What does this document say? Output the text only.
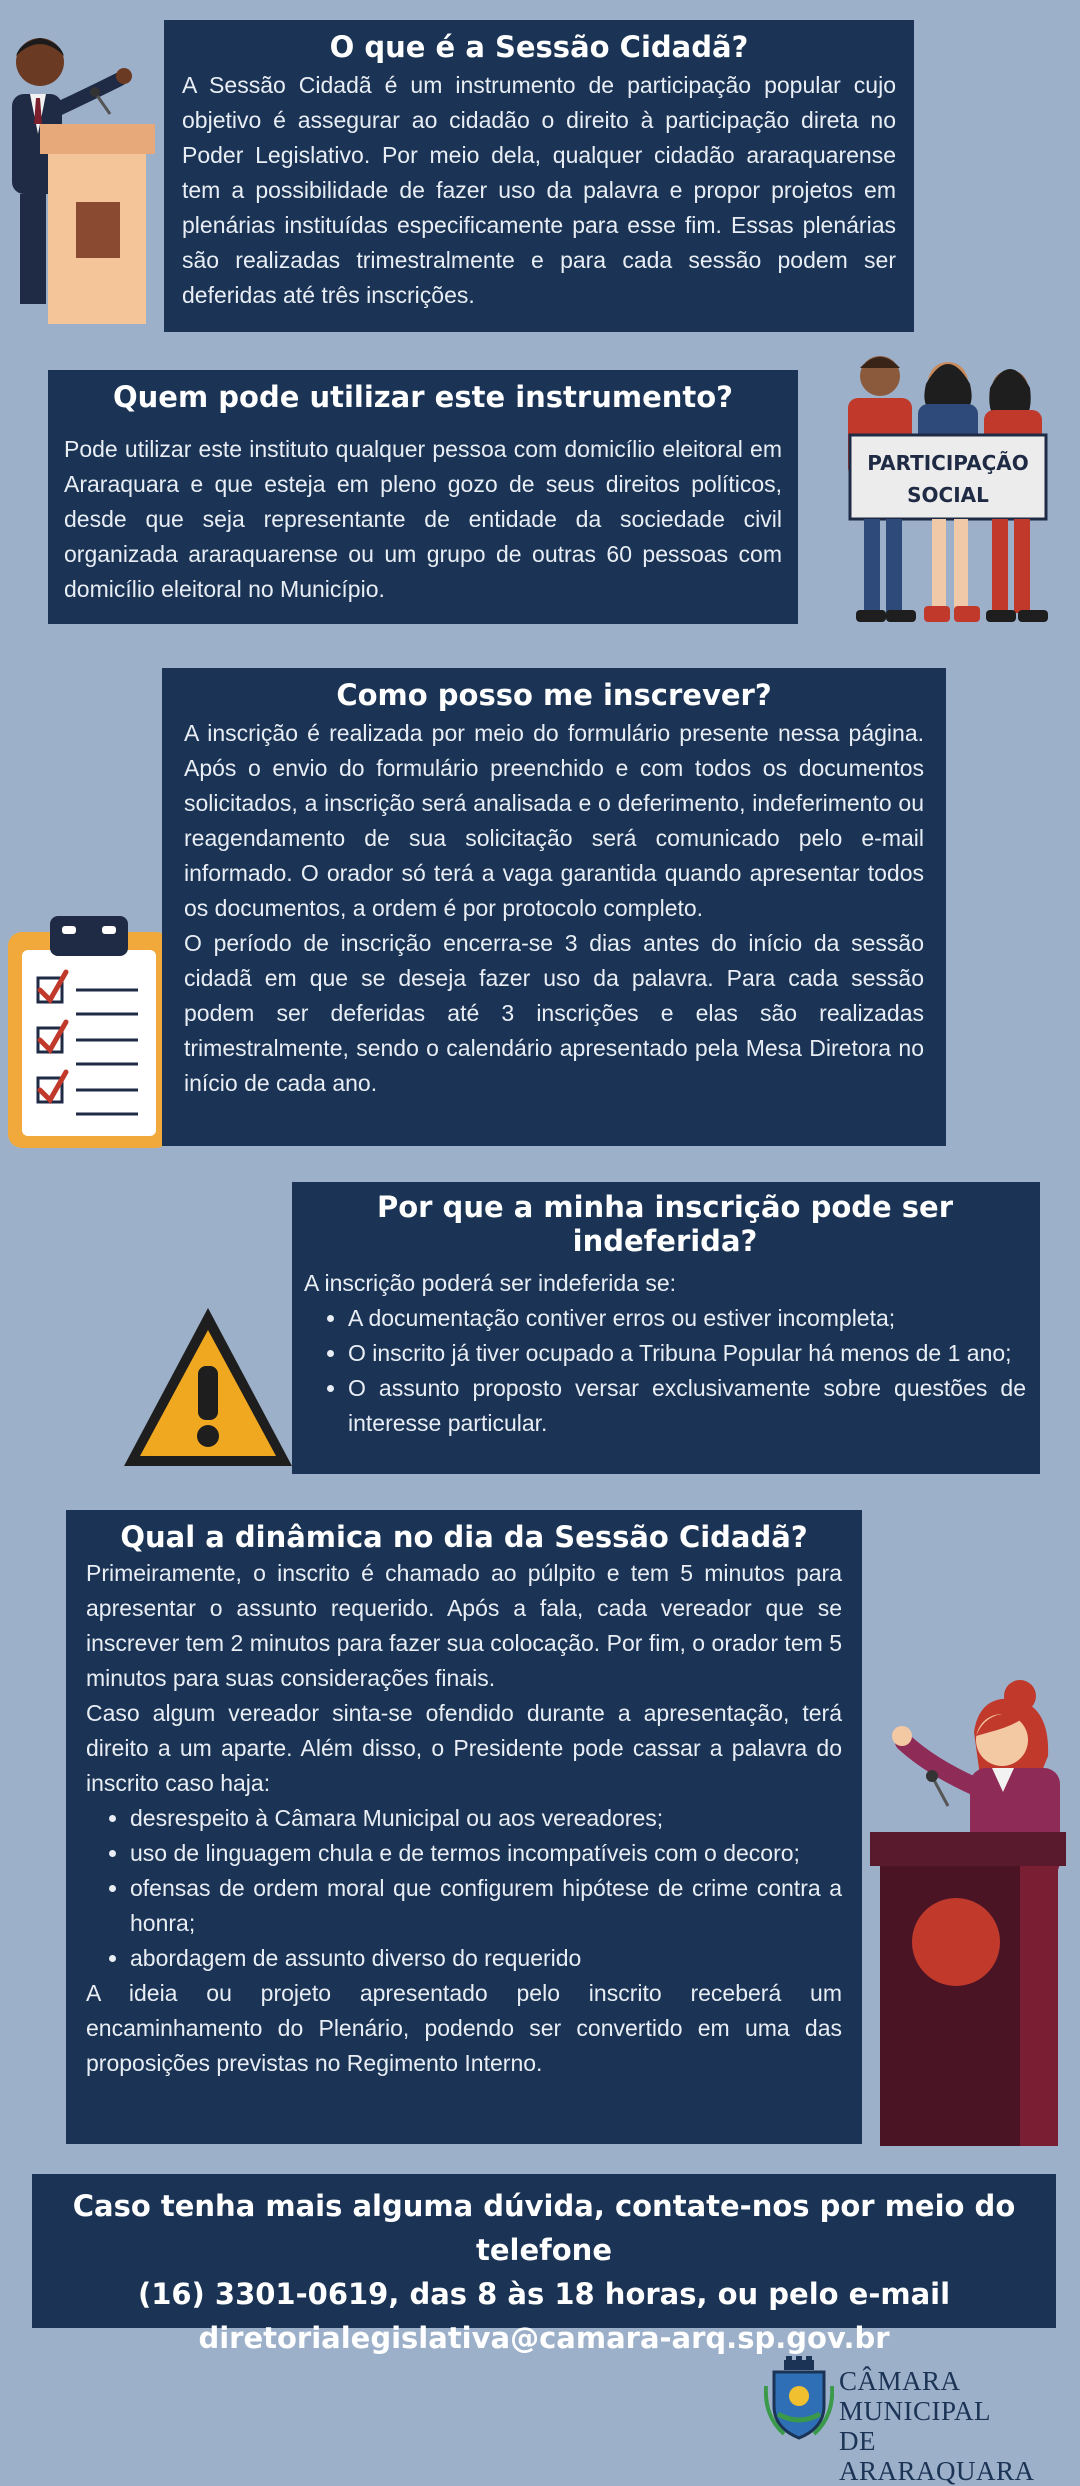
O que é a Sessão Cidadã?

A Sessão Cidadã é um instrumento de participação popular cujo objetivo é assegurar ao cidadão o direito à participação direta no Poder Legislativo. Por meio dela, qualquer cidadão araraquarense tem a possibilidade de fazer uso da palavra e propor projetos em plenárias instituídas especificamente para esse fim. Essas plenárias são realizadas trimestralmente e para cada sessão podem ser deferidas até três inscrições.

Quem pode utilizar este instrumento?

Pode utilizar este instituto qualquer pessoa com domicílio eleitoral em Araraquara e que esteja em pleno gozo de seus direitos políticos, desde que seja representante de entidade da sociedade civil organizada araraquarense ou um grupo de outras 60 pessoas com domicílio eleitoral no Município.

PARTICIPAÇÃO
SOCIAL
Como posso me inscrever?

A inscrição é realizada por meio do formulário presente nessa página. Após o envio do formulário preenchido e com todos os documentos solicitados, a inscrição será analisada e o deferimento, indeferimento ou reagendamento de sua solicitação será comunicado pelo e-mail informado. O orador só terá a vaga garantida quando apresentar todos os documentos, a ordem é por protocolo completo.

O período de inscrição encerra-se 3 dias antes do início da sessão cidadã em que se deseja fazer uso da palavra. Para cada sessão podem ser deferidas até 3 inscrições e elas são realizadas trimestralmente, sendo o calendário apresentado pela Mesa Diretora no início de cada ano.

Por que a minha inscrição pode ser indeferida?

A inscrição poderá ser indeferida se:

• A documentação contiver erros ou estiver incompleta;
• O inscrito já tiver ocupado a Tribuna Popular há menos de 1 ano;
• O assunto proposto versar exclusivamente sobre questões de interesse particular.
Qual a dinâmica no dia da Sessão Cidadã?

Primeiramente, o inscrito é chamado ao púlpito e tem 5 minutos para apresentar o assunto requerido. Após a fala, cada vereador que se inscrever tem 2 minutos para fazer sua colocação. Por fim, o orador tem 5 minutos para suas considerações finais.

Caso algum vereador sinta-se ofendido durante a apresentação, terá direito a um aparte. Além disso, o Presidente pode cassar a palavra do inscrito caso haja:

• desrespeito à Câmara Municipal ou aos vereadores;
• uso de linguagem chula e de termos incompatíveis com o decoro;
• ofensas de ordem moral que configurem hipótese de crime contra a honra;
• abordagem de assunto diverso do requerido

A ideia ou projeto apresentado pelo inscrito receberá um encaminhamento do Plenário, podendo ser convertido em uma das proposições previstas no Regimento Interno.

Caso tenha mais alguma dúvida, contate-nos por meio do telefone

(16) 3301-0619, das 8 às 18 horas, ou pelo e-mail

diretorialegislativa@camara-arq.sp.gov.br

CÂMARA MUNICIPAL
DE ARARAQUARA
